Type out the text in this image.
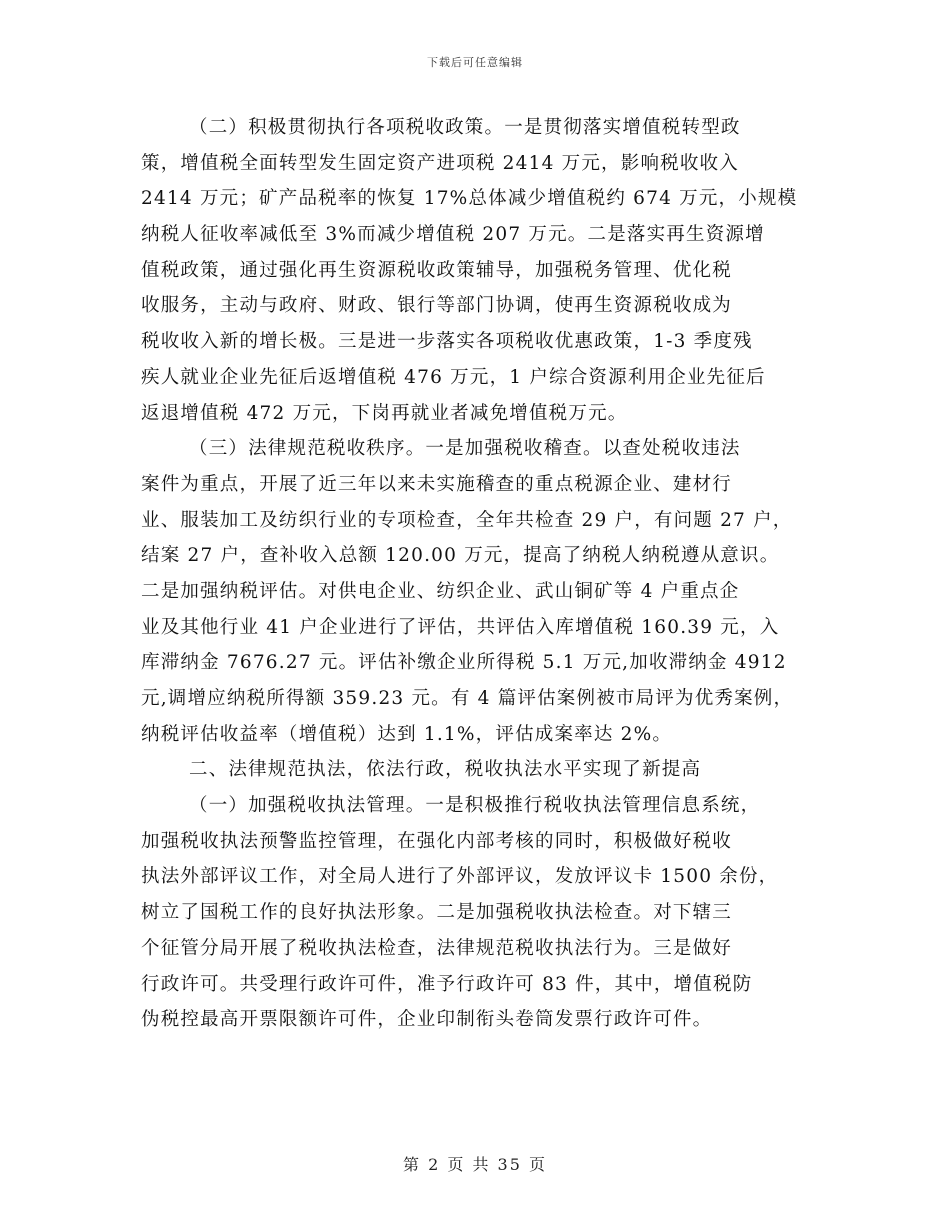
下载后可任意编辑
（二）积极贯彻执行各项税收政策。一是贯彻落实增值税转型政
策，增值税全面转型发生固定资产进项税 2414 万元，影响税收收入
2414 万元；矿产品税率的恢复 17%总体减少增值税约 674 万元，小规模
纳税人征收率减低至 3%而减少增值税 207 万元。二是落实再生资源增
值税政策，通过强化再生资源税收政策辅导，加强税务管理、优化税
收服务，主动与政府、财政、银行等部门协调，使再生资源税收成为
税收收入新的增长极。三是进一步落实各项税收优惠政策，1-3 季度残
疾人就业企业先征后返增值税 476 万元，1 户综合资源利用企业先征后
返退增值税 472 万元，下岗再就业者减免增值税万元。
（三）法律规范税收秩序。一是加强税收稽查。以查处税收违法
案件为重点，开展了近三年以来未实施稽查的重点税源企业、建材行
业、服装加工及纺织行业的专项检查，全年共检查 29 户，有问题 27 户，
结案 27 户，查补收入总额 120.00 万元，提高了纳税人纳税遵从意识。
二是加强纳税评估。对供电企业、纺织企业、武山铜矿等 4 户重点企
业及其他行业 41 户企业进行了评估，共评估入库增值税 160.39 元，入
库滞纳金 7676.27 元。评估补缴企业所得税 5.1 万元,加收滞纳金 4912
元,调增应纳税所得额 359.23 元。有 4 篇评估案例被市局评为优秀案例，
纳税评估收益率（增值税）达到 1.1%，评估成案率达 2%。
二、法律规范执法，依法行政，税收执法水平实现了新提高
（一）加强税收执法管理。一是积极推行税收执法管理信息系统，
加强税收执法预警监控管理，在强化内部考核的同时，积极做好税收
执法外部评议工作，对全局人进行了外部评议，发放评议卡 1500 余份，
树立了国税工作的良好执法形象。二是加强税收执法检查。对下辖三
个征管分局开展了税收执法检查，法律规范税收执法行为。三是做好
行政许可。共受理行政许可件，准予行政许可 83 件，其中，增值税防
伪税控最高开票限额许可件，企业印制衔头卷筒发票行政许可件。
第 2 页 共 35 页
